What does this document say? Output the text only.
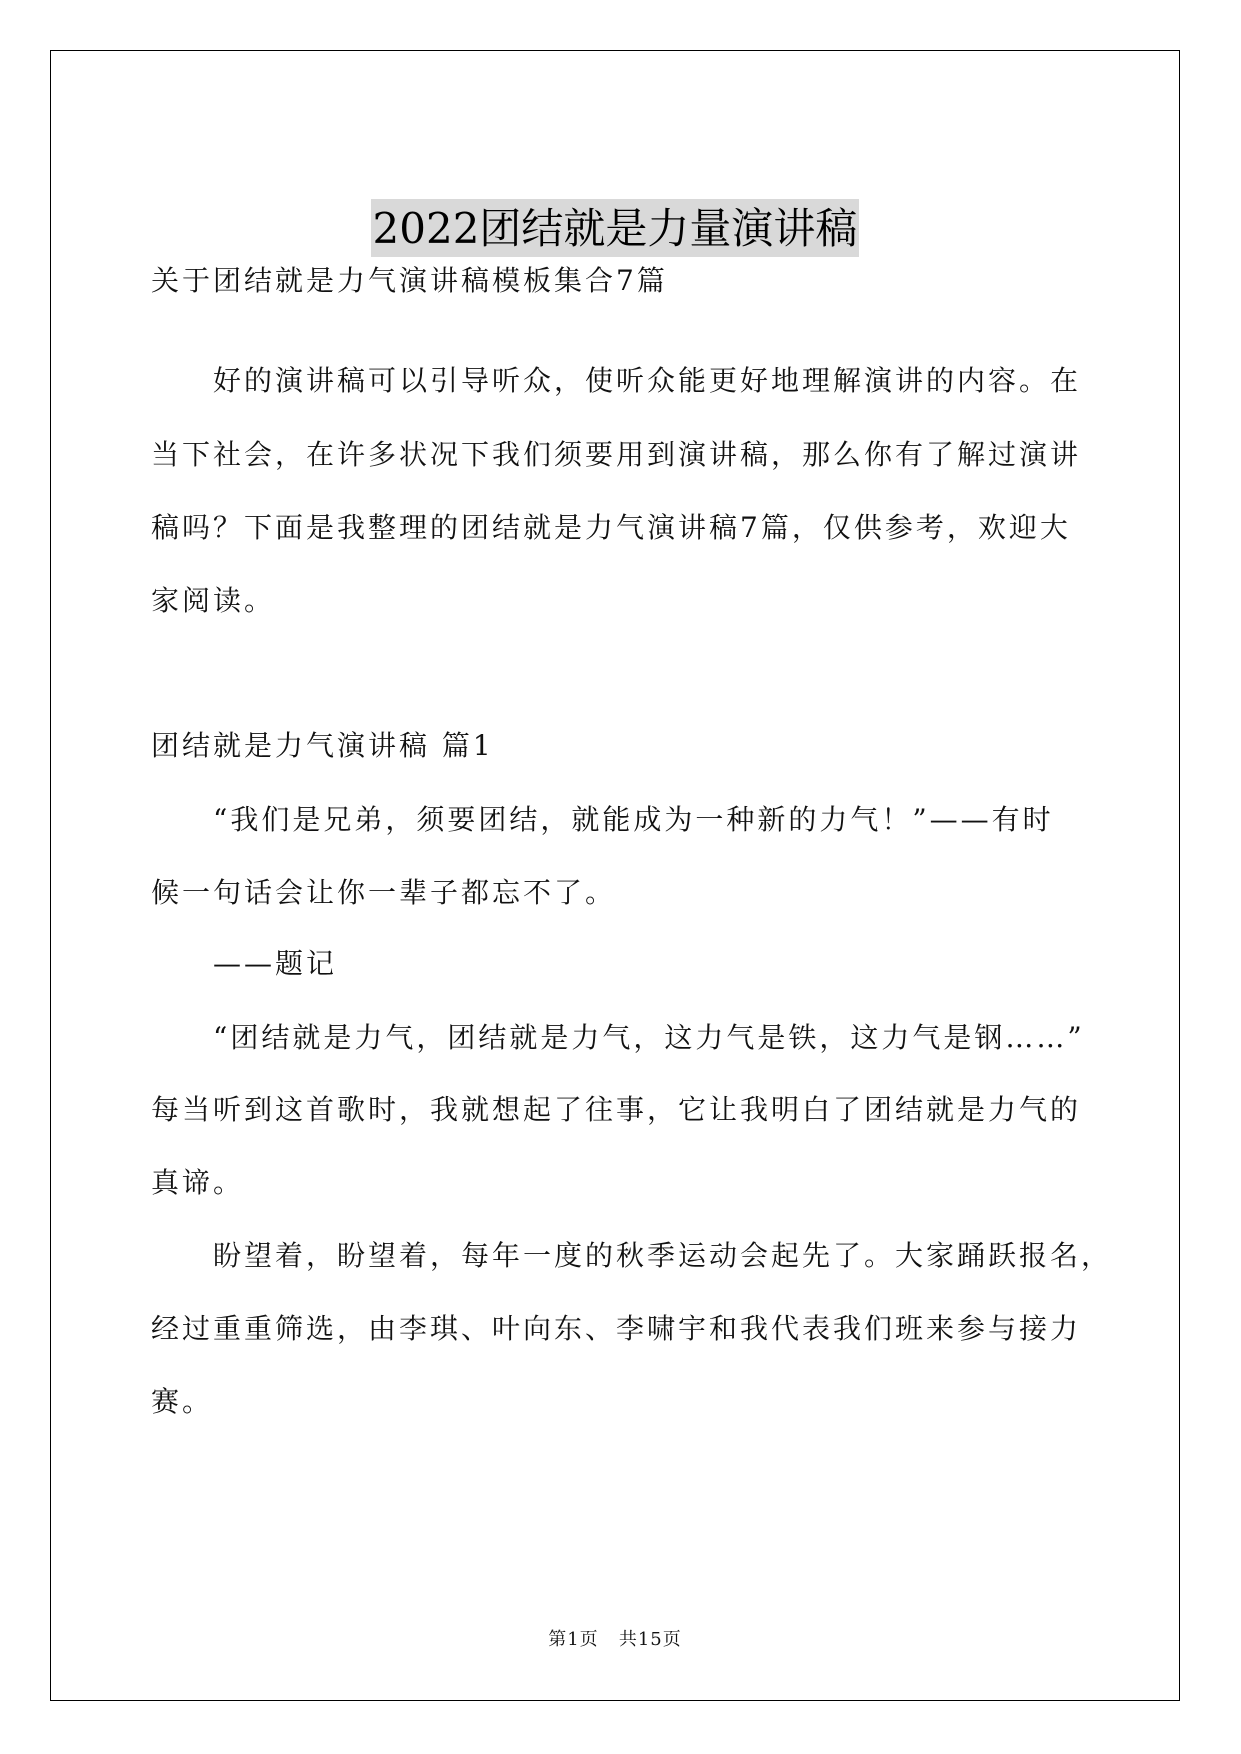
2022团结就是力量演讲稿
关于团结就是力气演讲稿模板集合7篇
好的演讲稿可以引导听众，使听众能更好地理解演讲的内容。在
当下社会，在许多状况下我们须要用到演讲稿，那么你有了解过演讲
稿吗？下面是我整理的团结就是力气演讲稿7篇，仅供参考，欢迎大
家阅读。
团结就是力气演讲稿 篇1
“我们是兄弟，须要团结，就能成为一种新的力气！”——有时
候一句话会让你一辈子都忘不了。
——题记
“团结就是力气，团结就是力气，这力气是铁，这力气是钢……”
每当听到这首歌时，我就想起了往事，它让我明白了团结就是力气的
真谛。
盼望着，盼望着，每年一度的秋季运动会起先了。大家踊跃报名，
经过重重筛选，由李琪、叶向东、李啸宇和我代表我们班来参与接力
赛。
第1页 共15页
